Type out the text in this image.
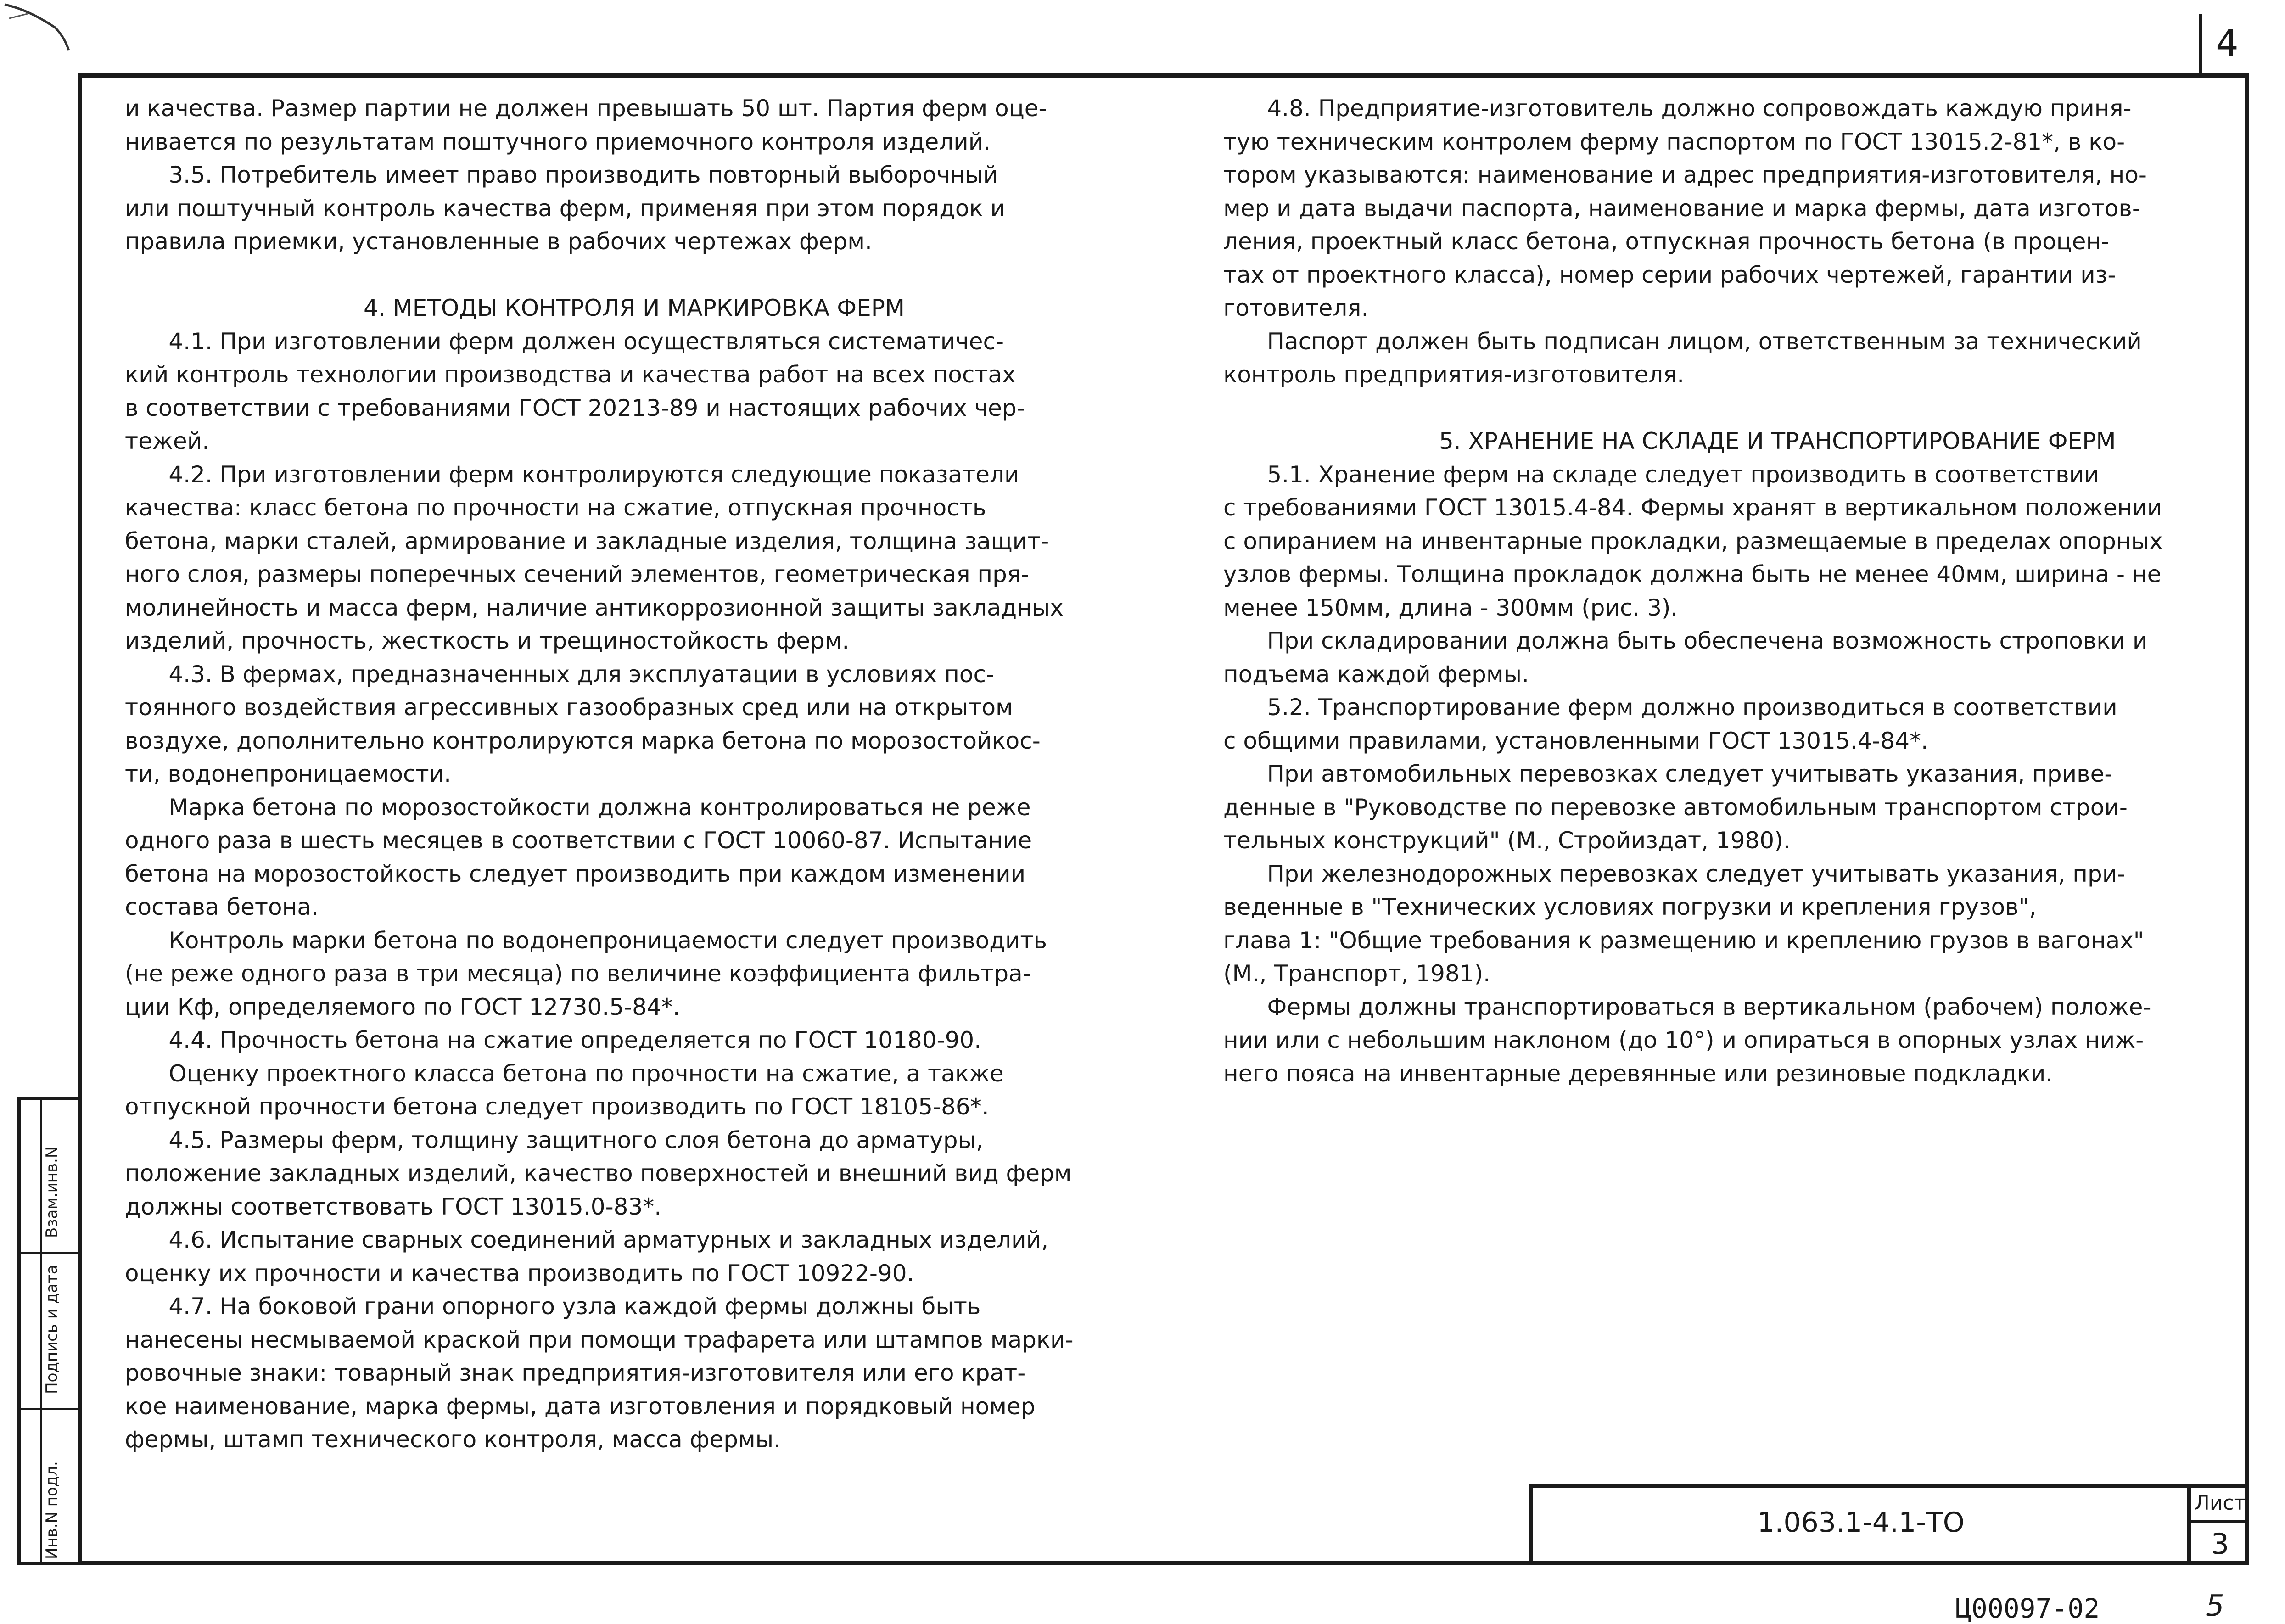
4
и качества. Размер партии не должен превышать 50 шт. Партия ферм оце-
нивается по результатам поштучного приемочного контроля изделий.
3.5. Потребитель имеет право производить повторный выборочный
или поштучный контроль качества ферм, применяя при этом порядок и
правила приемки, установленные в рабочих чертежах ферм.
4. МЕТОДЫ КОНТРОЛЯ И МАРКИРОВКА ФЕРМ
4.1. При изготовлении ферм должен осуществляться систематичес-
кий контроль технологии производства и качества работ на всех постах
в соответствии с требованиями ГОСТ 20213-89 и настоящих рабочих чер-
тежей.
4.2. При изготовлении ферм контролируются следующие показатели
качества: класс бетона по прочности на сжатие, отпускная прочность
бетона, марки сталей, армирование и закладные изделия, толщина защит-
ного слоя, размеры поперечных сечений элементов, геометрическая пря-
молинейность и масса ферм, наличие антикоррозионной защиты закладных
изделий, прочность, жесткость и трещиностойкость ферм.
4.3. В фермах, предназначенных для эксплуатации в условиях пос-
тоянного воздействия агрессивных газообразных сред или на открытом
воздухе, дополнительно контролируются марка бетона по морозостойкос-
ти, водонепроницаемости.
Марка бетона по морозостойкости должна контролироваться не реже
одного раза в шесть месяцев в соответствии с ГОСТ 10060-87. Испытание
бетона на морозостойкость следует производить при каждом изменении
состава бетона.
Контроль марки бетона по водонепроницаемости следует производить
(не реже одного раза в три месяца) по величине коэффициента фильтра-
ции Кф, определяемого по ГОСТ 12730.5-84*.
4.4. Прочность бетона на сжатие определяется по ГОСТ 10180-90.
Оценку проектного класса бетона по прочности на сжатие, а также
отпускной прочности бетона следует производить по ГОСТ 18105-86*.
4.5. Размеры ферм, толщину защитного слоя бетона до арматуры,
положение закладных изделий, качество поверхностей и внешний вид ферм
должны соответствовать ГОСТ 13015.0-83*.
4.6. Испытание сварных соединений арматурных и закладных изделий,
оценку их прочности и качества производить по ГОСТ 10922-90.
4.7. На боковой грани опорного узла каждой фермы должны быть
нанесены несмываемой краской при помощи трафарета или штампов марки-
ровочные знаки: товарный знак предприятия-изготовителя или его крат-
кое наименование, марка фермы, дата изготовления и порядковый номер
фермы, штамп технического контроля, масса фермы.
4.8. Предприятие-изготовитель должно сопровождать каждую приня-
тую техническим контролем ферму паспортом по ГОСТ 13015.2-81*, в ко-
тором указываются: наименование и адрес предприятия-изготовителя, но-
мер и дата выдачи паспорта, наименование и марка фермы, дата изготов-
ления, проектный класс бетона, отпускная прочность бетона (в процен-
тах от проектного класса), номер серии рабочих чертежей, гарантии из-
готовителя.
Паспорт должен быть подписан лицом, ответственным за технический
контроль предприятия-изготовителя.
5. ХРАНЕНИЕ НА СКЛАДЕ И ТРАНСПОРТИРОВАНИЕ ФЕРМ
5.1. Хранение ферм на складе следует производить в соответствии
с требованиями ГОСТ 13015.4-84. Фермы хранят в вертикальном положении
с опиранием на инвентарные прокладки, размещаемые в пределах опорных
узлов фермы. Толщина прокладок должна быть не менее 40мм, ширина - не
менее 150мм, длина - 300мм (рис. 3).
При складировании должна быть обеспечена возможность строповки и
подъема каждой фермы.
5.2. Транспортирование ферм должно производиться в соответствии
с общими правилами, установленными ГОСТ 13015.4-84*.
При автомобильных перевозках следует учитывать указания, приве-
денные в "Руководстве по перевозке автомобильным транспортом строи-
тельных конструкций" (М., Стройиздат, 1980).
При железнодорожных перевозках следует учитывать указания, при-
веденные в "Технических условиях погрузки и крепления грузов",
глава 1: "Общие требования к размещению и креплению грузов в вагонах"
(М., Транспорт, 1981).
Фермы должны транспортироваться в вертикальном (рабочем) положе-
нии или с небольшим наклоном (до 10°) и опираться в опорных узлах ниж-
него пояса на инвентарные деревянные или резиновые подкладки.
Инв.N подл.
Подпись и дата
Взам.инв.N
1.063.1-4.1-ТО
Лист
3
Ц00097-02	5
